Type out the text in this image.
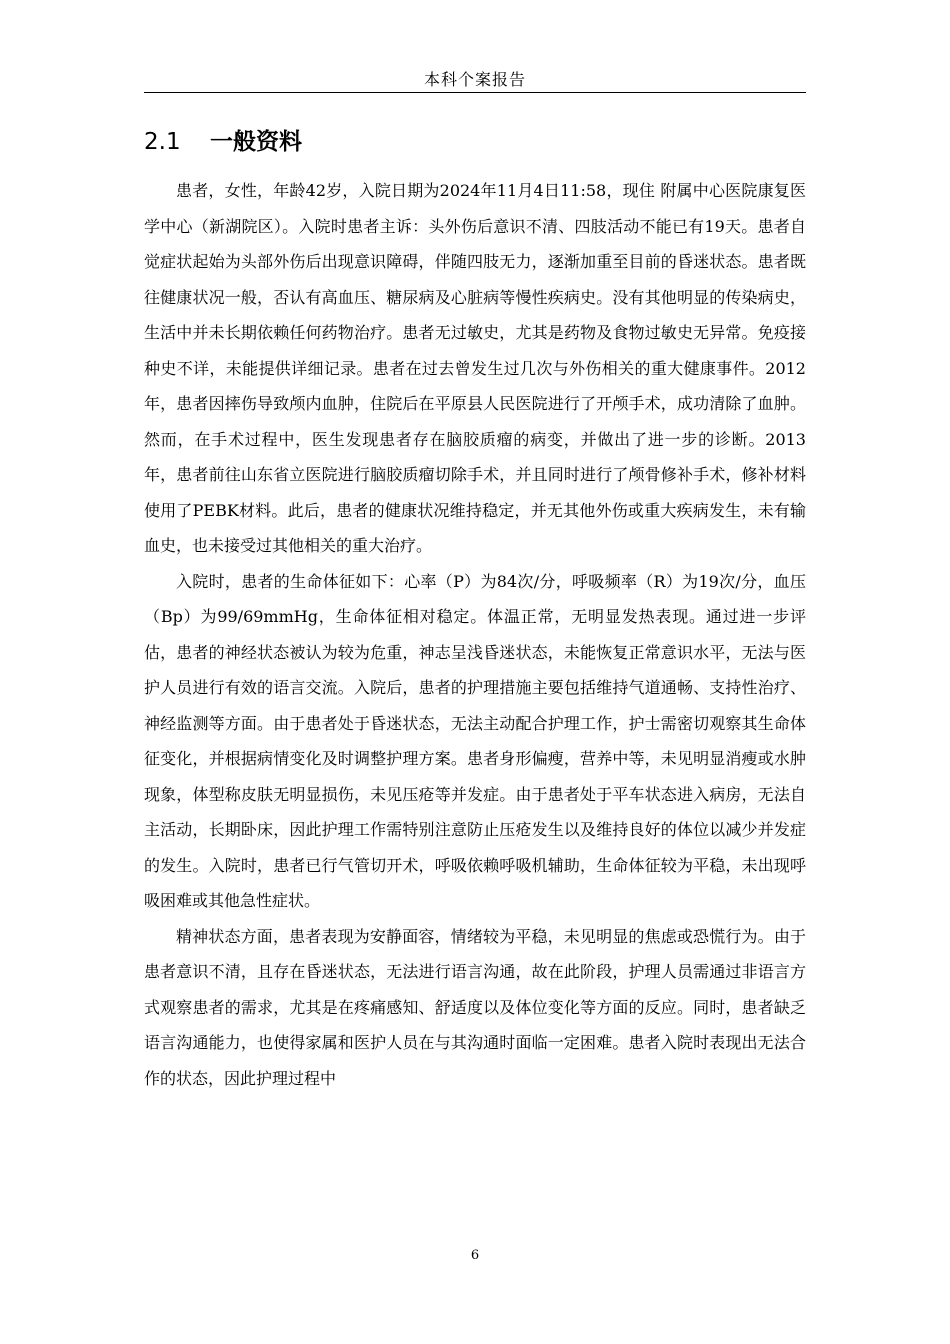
本科个案报告
2.1 一般资料

患者，女性，年龄42岁，入院日期为2024年11月4日11:58，现住 附属中心医院康复医学中心（新湖院区）。入院时患者主诉：头外伤后意识不清、四肢活动不能已有19天。患者自觉症状起始为头部外伤后出现意识障碍，伴随四肢无力，逐渐加重至目前的昏迷状态。患者既往健康状况一般，否认有高血压、糖尿病及心脏病等慢性疾病史。没有其他明显的传染病史，生活中并未长期依赖任何药物治疗。患者无过敏史，尤其是药物及食物过敏史无异常。免疫接种史不详，未能提供详细记录。患者在过去曾发生过几次与外伤相关的重大健康事件。2012年，患者因摔伤导致颅内血肿，住院后在平原县人民医院进行了开颅手术，成功清除了血肿。然而，在手术过程中，医生发现患者存在脑胶质瘤的病变，并做出了进一步的诊断。2013年，患者前往山东省立医院进行脑胶质瘤切除手术，并且同时进行了颅骨修补手术，修补材料使用了PEBK材料。此后，患者的健康状况维持稳定，并无其他外伤或重大疾病发生，未有输血史，也未接受过其他相关的重大治疗。

入院时，患者的生命体征如下：心率（P）为84次/分，呼吸频率（R）为19次/分，血压（Bp）为99/69mmHg，生命体征相对稳定。体温正常，无明显发热表现。通过进一步评估，患者的神经状态被认为较为危重，神志呈浅昏迷状态，未能恢复正常意识水平，无法与医护人员进行有效的语言交流。入院后，患者的护理措施主要包括维持气道通畅、支持性治疗、神经监测等方面。由于患者处于昏迷状态，无法主动配合护理工作，护士需密切观察其生命体征变化，并根据病情变化及时调整护理方案。患者身形偏瘦，营养中等，未见明显消瘦或水肿现象，体型称皮肤无明显损伤，未见压疮等并发症。由于患者处于平车状态进入病房，无法自主活动，长期卧床，因此护理工作需特别注意防止压疮发生以及维持良好的体位以减少并发症的发生。入院时，患者已行气管切开术，呼吸依赖呼吸机辅助，生命体征较为平稳，未出现呼吸困难或其他急性症状。

精神状态方面，患者表现为安静面容，情绪较为平稳，未见明显的焦虑或恐慌行为。由于患者意识不清，且存在昏迷状态，无法进行语言沟通，故在此阶段，护理人员需通过非语言方式观察患者的需求，尤其是在疼痛感知、舒适度以及体位变化等方面的反应。同时，患者缺乏语言沟通能力，也使得家属和医护人员在与其沟通时面临一定困难。患者入院时表现出无法合作的状态，因此护理过程中

6
